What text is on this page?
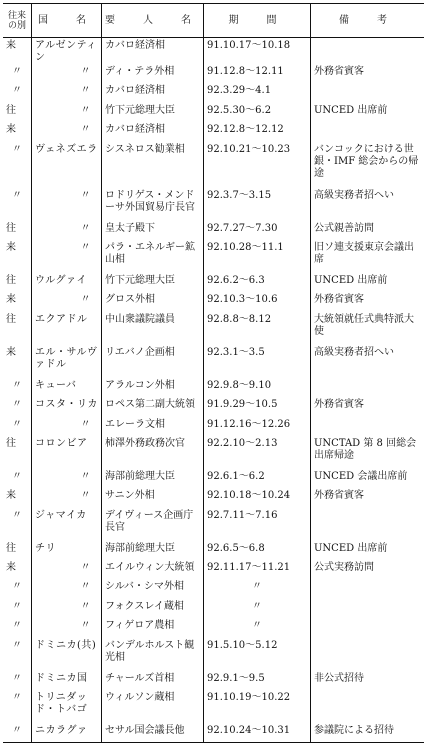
往来の別	国　名	要　人　名	期　間	備　考
来	アルゼンティン	カバロ経済相	91.10.17〜10.18	
〃	〃	ディ・テラ外相	91.12.8〜12.11	外務省賓客
〃	〃	カバロ経済相	92.3.29〜4.1	
往	〃	竹下元総理大臣	92.5.30〜6.2	UNCED 出席前
来	〃	カバロ経済相	92.12.8〜12.12	
〃	ヴェネズエラ	シスネロス勧業相	92.10.21〜10.23	バンコックにおける世銀・IMF 総会からの帰途
〃	〃	ロドリゲス・メンドーサ外国貿易庁長官	92.3.7〜3.15	高級実務者招へい
往	〃	皇太子殿下	92.7.27〜7.30	公式親善訪問
来	〃	パラ・エネルギー鉱山相	92.10.28〜11.1	旧ソ連支援東京会議出席
往	ウルグァイ	竹下元総理大臣	92.6.2〜6.3	UNCED 出席前
来	〃	グロス外相	92.10.3〜10.6	外務省賓客
往	エクアドル	中山衆議院議員	92.8.8〜8.12	大統領就任式典特派大使
来	エル・サルヴァドル	リエバノ企画相	92.3.1〜3.5	高級実務者招へい
〃	キューバ	アラルコン外相	92.9.8〜9.10	
〃	コスタ・リカ	ロペス第二副大統領	91.9.29〜10.5	外務省賓客
〃	〃	エレーラ文相	91.12.16〜12.26	
往	コロンビア	柿澤外務政務次官	92.2.10〜2.13	UNCTAD 第 8 回総会出席帰途
〃	〃	海部前総理大臣	92.6.1〜6.2	UNCED 会議出席前
来	〃	サニン外相	92.10.18〜10.24	外務省賓客
〃	ジャマイカ	デイヴィース企画庁長官	92.7.11〜7.16	
往	チリ	海部前総理大臣	92.6.5〜6.8	UNCED 出席前
来	〃	エイルウィン大統領	92.11.17〜11.21	公式実務訪問
〃	〃	シルバ・シマ外相	〃	
〃	〃	フォクスレイ蔵相	〃	
〃	〃	フィゲロア農相	〃	
〃	ドミニカ(共)	バンデルホルスト観光相	91.5.10〜5.12	
〃	ドミニカ国	チャールズ首相	92.9.1〜9.5	非公式招待
〃	トリニダッド・トバゴ	ウィルソン蔵相	91.10.19〜10.22	
〃	ニカラグァ	セサル国会議長他	92.10.24〜10.31	参議院による招待
